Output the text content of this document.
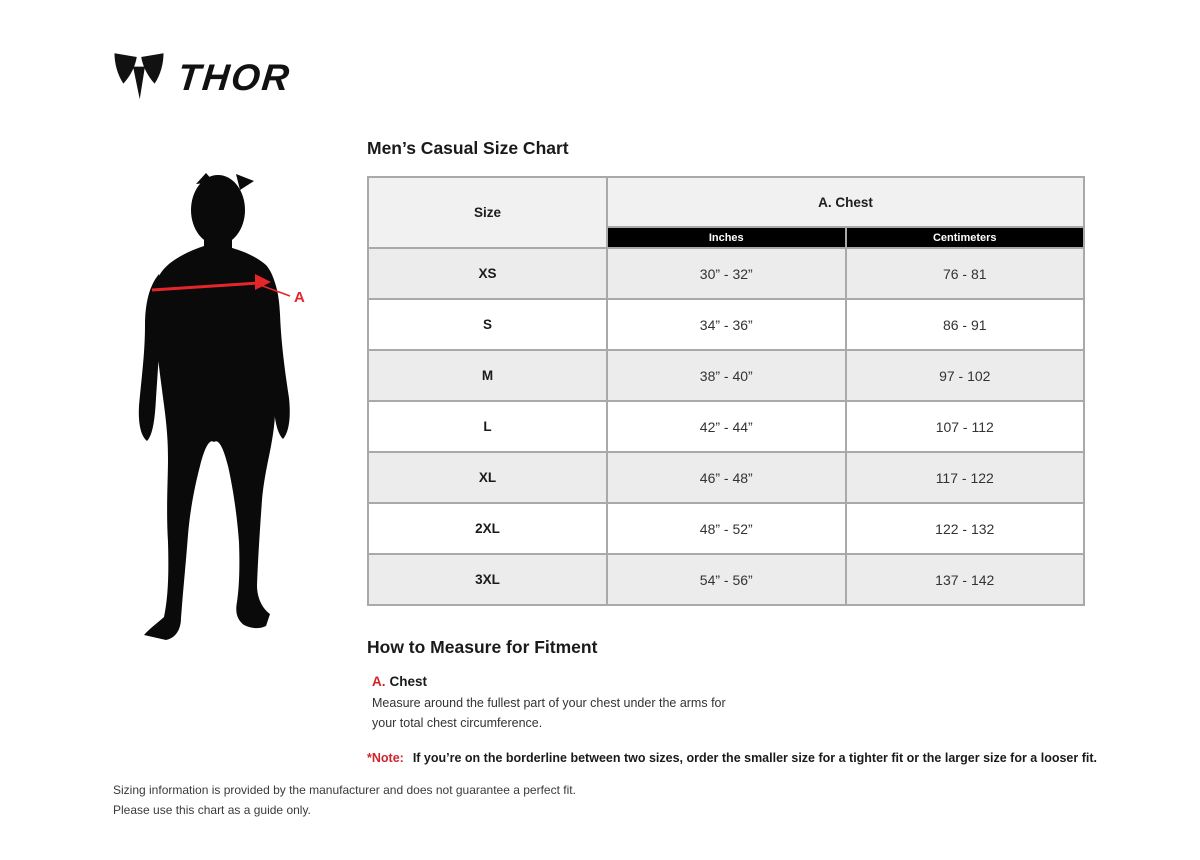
THOR
A
Men’s Casual Size Chart
Size	A. Chest	
	Inches	Centimeters
XS	30” - 32”	76 - 81
S	34” - 36”	86 - 91
M	38” - 40”	97 - 102
L	42” - 44”	107 - 112
XL	46” - 48”	117 - 122
2XL	48” - 52”	122 - 132
3XL	54” - 56”	137 - 142
How to Measure for Fitment
A. Chest

Measure around the fullest part of your chest under the arms for your total chest circumference.

*Note: If you’re on the borderline between two sizes, order the smaller size for a tighter fit or the larger size for a looser fit.
Sizing information is provided by the manufacturer and does not guarantee a perfect fit.
Please use this chart as a guide only.
